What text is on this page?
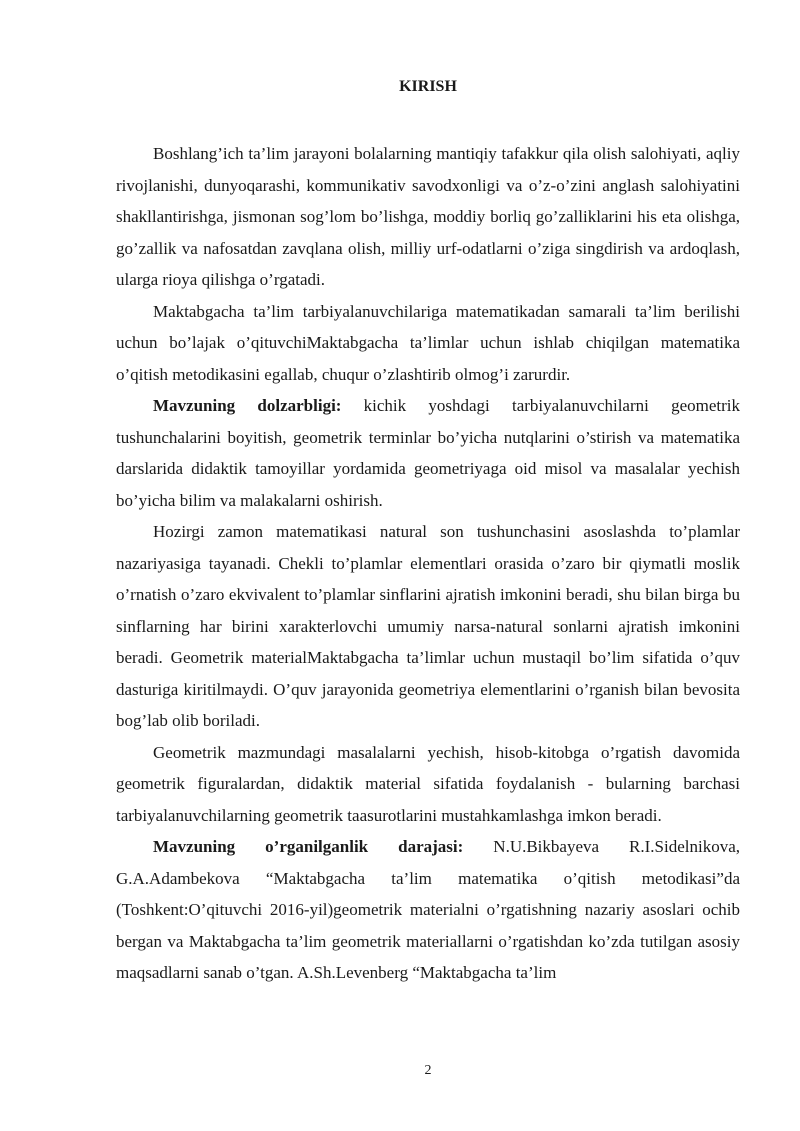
KIRISH

Boshlang’ich ta’lim jarayoni bolalarning mantiqiy tafakkur qila olish salohiyati, aqliy rivojlanishi, dunyoqarashi, kommunikativ savodxonligi va o’z-o’zini anglash salohiyatini shakllantirishga, jismonan sog’lom bo’lishga, moddiy borliq go’zalliklarini his eta olishga, go’zallik va nafosatdan zavqlana olish, milliy urf-odatlarni o’ziga singdirish va ardoqlash, ularga rioya qilishga o’rgatadi.

Maktabgacha ta’lim tarbiyalanuvchilariga matematikadan samarali ta’lim berilishi uchun bo’lajak o’qituvchiMaktabgacha ta’limlar uchun ishlab chiqilgan matematika o’qitish metodikasini egallab, chuqur o’zlashtirib olmog’i zarurdir.

Mavzuning dolzarbligi: kichik yoshdagi tarbiyalanuvchilarni geometrik tushunchalarini boyitish, geometrik terminlar bo’yicha nutqlarini o’stirish va matematika darslarida didaktik tamoyillar yordamida geometriyaga oid misol va masalalar yechish bo’yicha bilim va malakalarni oshirish.

Hozirgi zamon matematikasi natural son tushunchasini asoslashda to’plamlar nazariyasiga tayanadi. Chekli to’plamlar elementlari orasida o’zaro bir qiymatli moslik o’rnatish o’zaro ekvivalent to’plamlar sinflarini ajratish imkonini beradi, shu bilan birga bu sinflarning har birini xarakterlovchi umumiy narsa-natural sonlarni ajratish imkonini beradi. Geometrik materialMaktabgacha ta’limlar uchun mustaqil bo’lim sifatida o’quv dasturiga kiritilmaydi. O’quv jarayonida geometriya elementlarini o’rganish bilan bevosita bog’lab olib boriladi.

Geometrik mazmundagi masalalarni yechish, hisob-kitobga o’rgatish davomida geometrik figuralardan, didaktik material sifatida foydalanish - bularning barchasi tarbiyalanuvchilarning geometrik taasurotlarini mustahkamlashga imkon beradi.

Mavzuning o’rganilganlik darajasi: N.U.Bikbayeva R.I.Sidelnikova, G.A.Adambekova “Maktabgacha ta’lim matematika o’qitish metodikasi”da (Toshkent:O’qituvchi 2016-yil)geometrik materialni o’rgatishning nazariy asoslari ochib bergan va Maktabgacha ta’lim geometrik materiallarni o’rgatishdan ko’zda tutilgan asosiy maqsadlarni sanab o’tgan. A.Sh.Levenberg “Maktabgacha ta’lim

2
